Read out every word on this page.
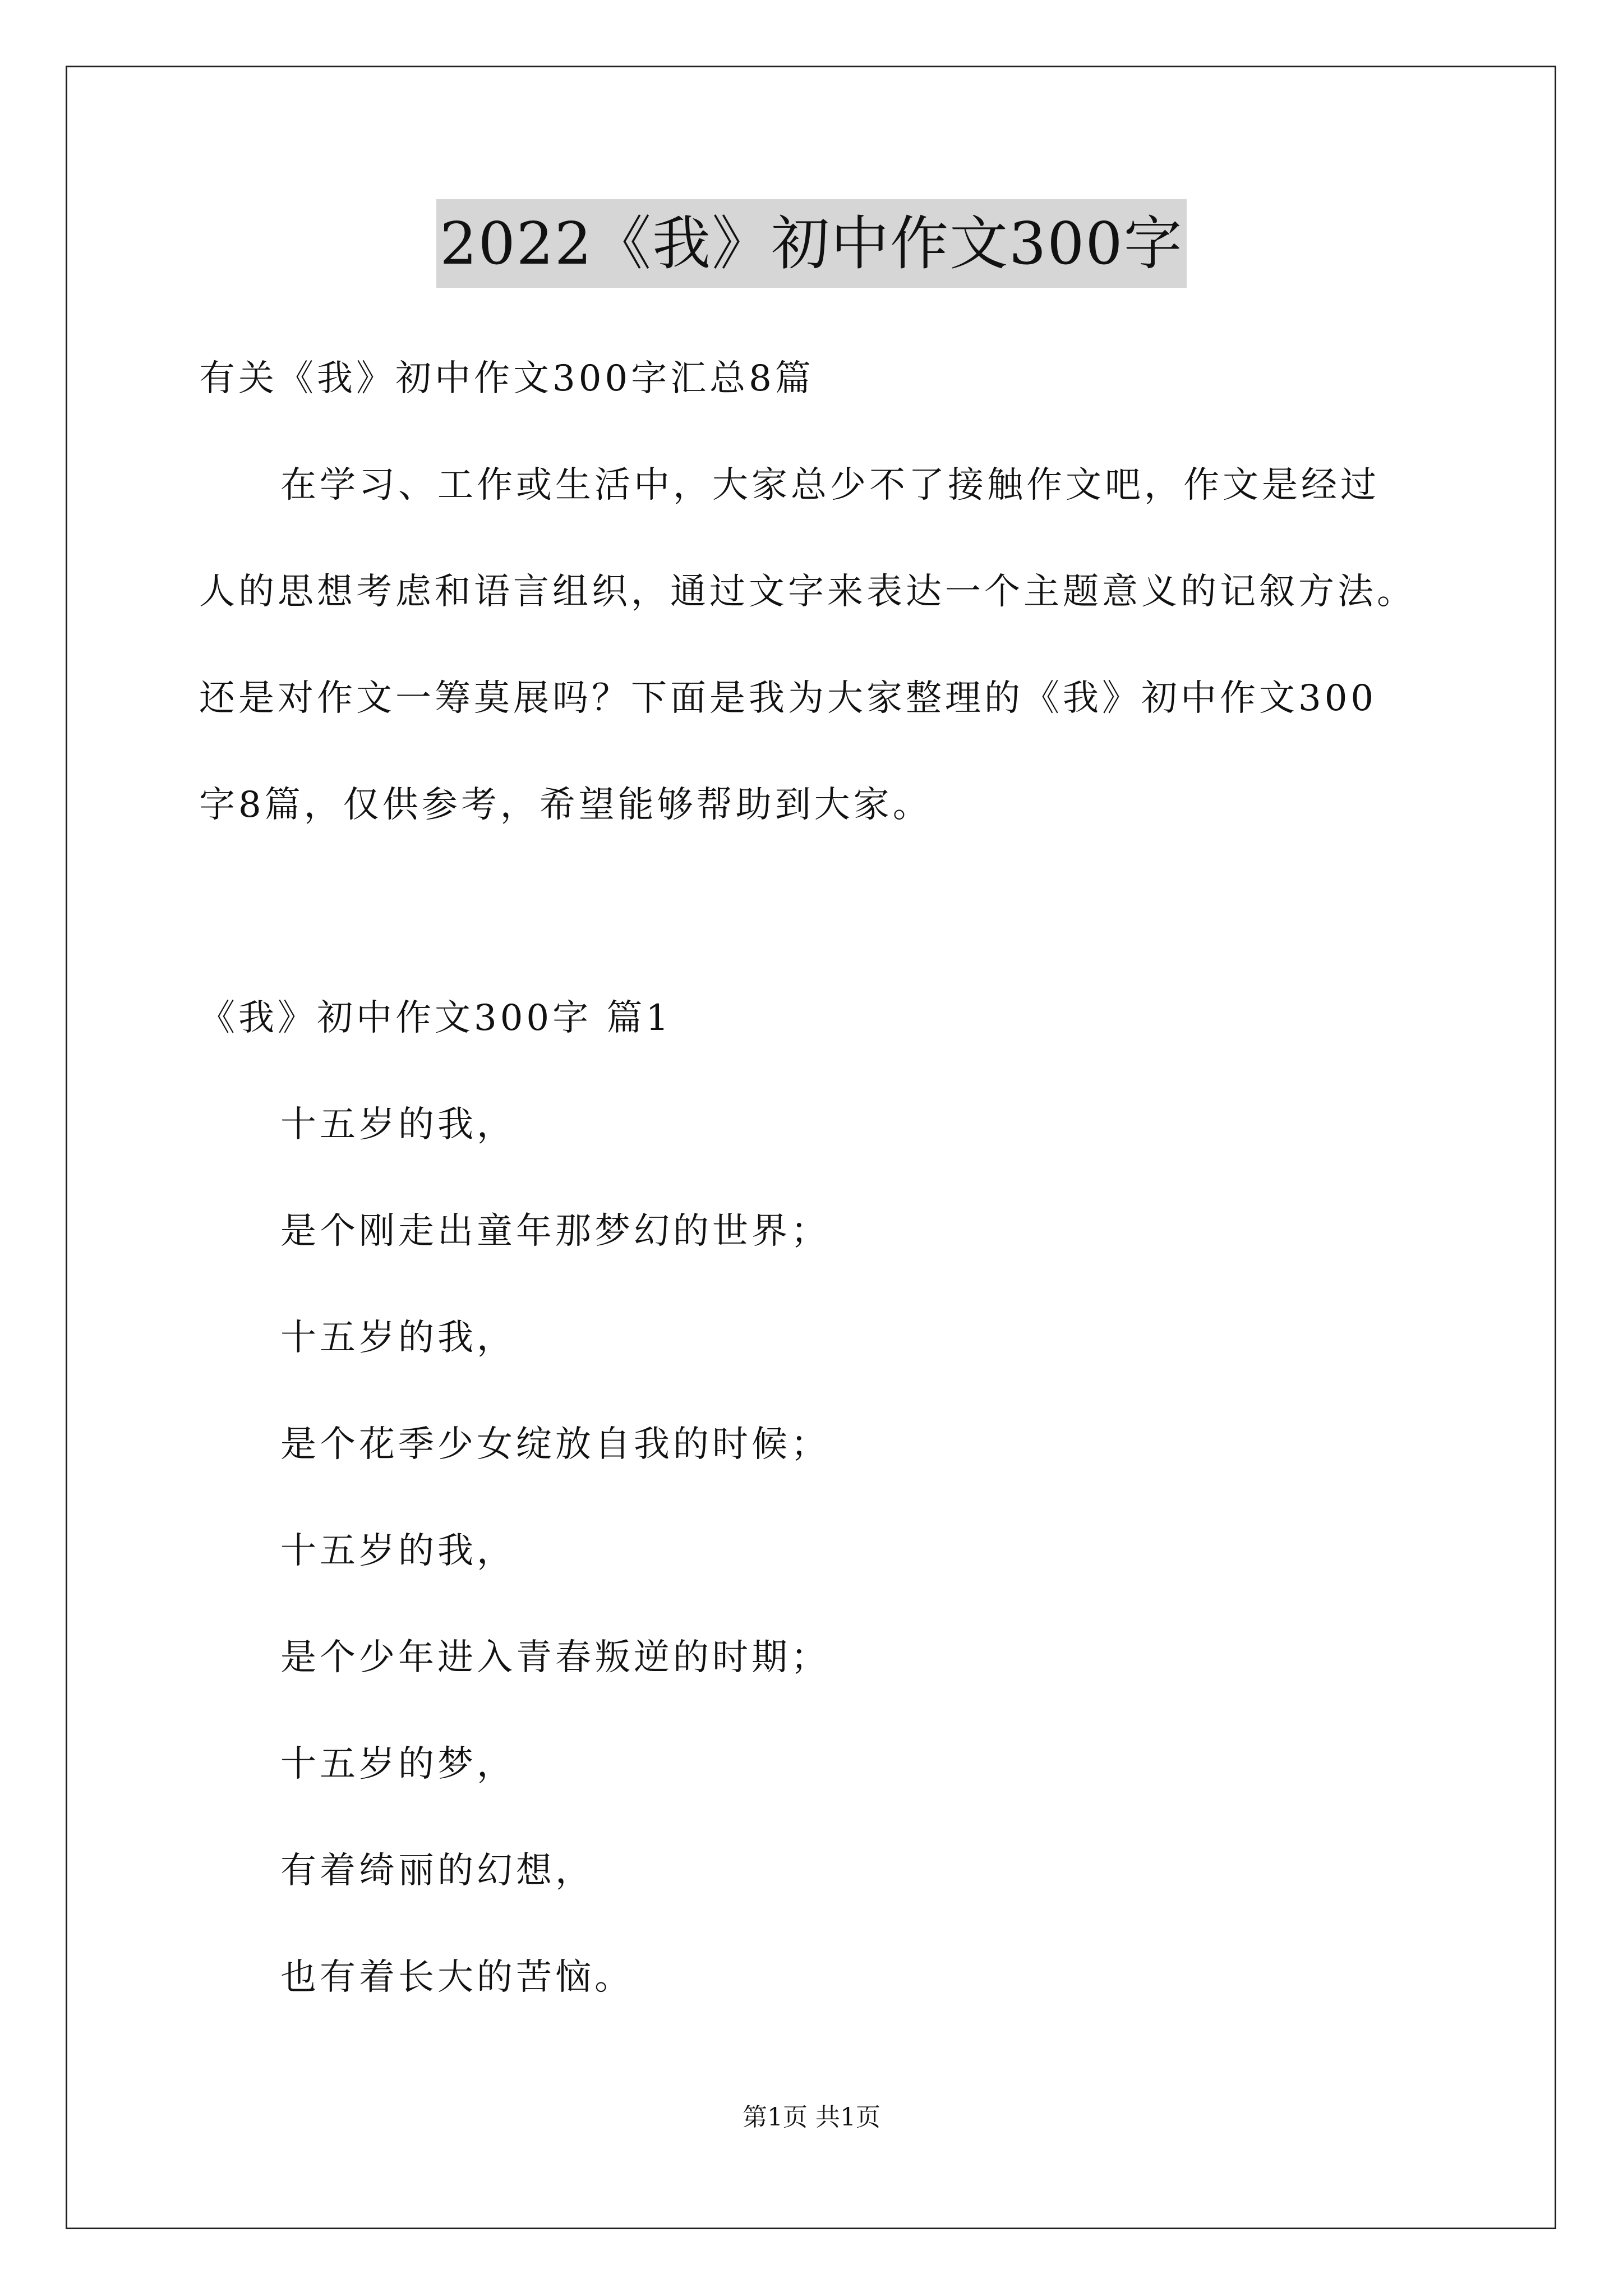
2022《我》初中作文300字
有关《我》初中作文300字汇总8篇
在学习、工作或生活中，大家总少不了接触作文吧，作文是经过
人的思想考虑和语言组织，通过文字来表达一个主题意义的记叙方法。
还是对作文一筹莫展吗？下面是我为大家整理的《我》初中作文300
字8篇，仅供参考，希望能够帮助到大家。
《我》初中作文300字 篇1
十五岁的我，
是个刚走出童年那梦幻的世界；
十五岁的我，
是个花季少女绽放自我的时候；
十五岁的我，
是个少年进入青春叛逆的时期；
十五岁的梦，
有着绮丽的幻想，
也有着长大的苦恼。
第1页 共1页
